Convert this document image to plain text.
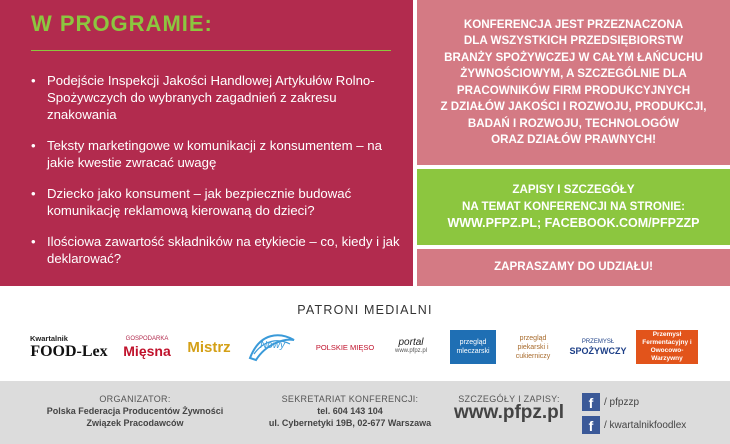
W PROGRAMIE:
• Podejście Inspekcji Jakości Handlowej Artykułów Rolno-Spożywczych do wybranych zagadnień z zakresu znakowania
• Teksty marketingowe w komunikacji z konsumentem – na jakie kwestie zwracać uwagę
• Dziecko jako konsument – jak bezpiecznie budować komunikację reklamową kierowaną do dzieci?
• Ilościowa zawartość składników na etykiecie – co, kiedy i jak deklarować?
KONFERENCJA JEST PRZEZNACZONA
DLA WSZYSTKICH PRZEDSIĘBIORSTW
BRANŻY SPOŻYWCZEJ W CAŁYM ŁAŃCUCHU
ŻYWNOŚCIOWYM, A SZCZEGÓLNIE DLA
PRACOWNIKÓW FIRM PRODUKCYJNYCH
Z DZIAŁÓW JAKOŚCI I ROZWOJU, PRODUKCJI,
BADAŃ I ROZWOJU, TECHNOLOGÓW
ORAZ DZIAŁÓW PRAWNYCH!
ZAPISY I SZCZEGÓŁY
NA TEMAT KONFERENCJI NA STRONIE:
WWW.PFPZ.PL; FACEBOOK.COM/PFPZZP
ZAPRASZAMY DO UDZIAŁU!
PATRONI MEDIALNI
Kwartalnik
FOOD-Lex
GOSPODARKA
Mięsna Mistrz	Nowy	POLSKIE MIĘSO portal
www.pfpz.pl
przegląd mleczarski
przegląd piekarski i cukierniczy
PRZEMYSŁ
SPOŻYWCZY
Przemysł Fermentacyjny i Owocowo-Warzywny
ORGANIZATOR:
Polska Federacja Producentów Żywności
Związek Pracodawców
SEKRETARIAT KONFERENCJI:
tel. 604 143 104
ul. Cybernetyki 19B, 02-677 Warszawa
SZCZEGÓŁY I ZAPISY:
www.pfpz.pl	f	/ pfpzzp
f	/ kwartalnikfoodlex
